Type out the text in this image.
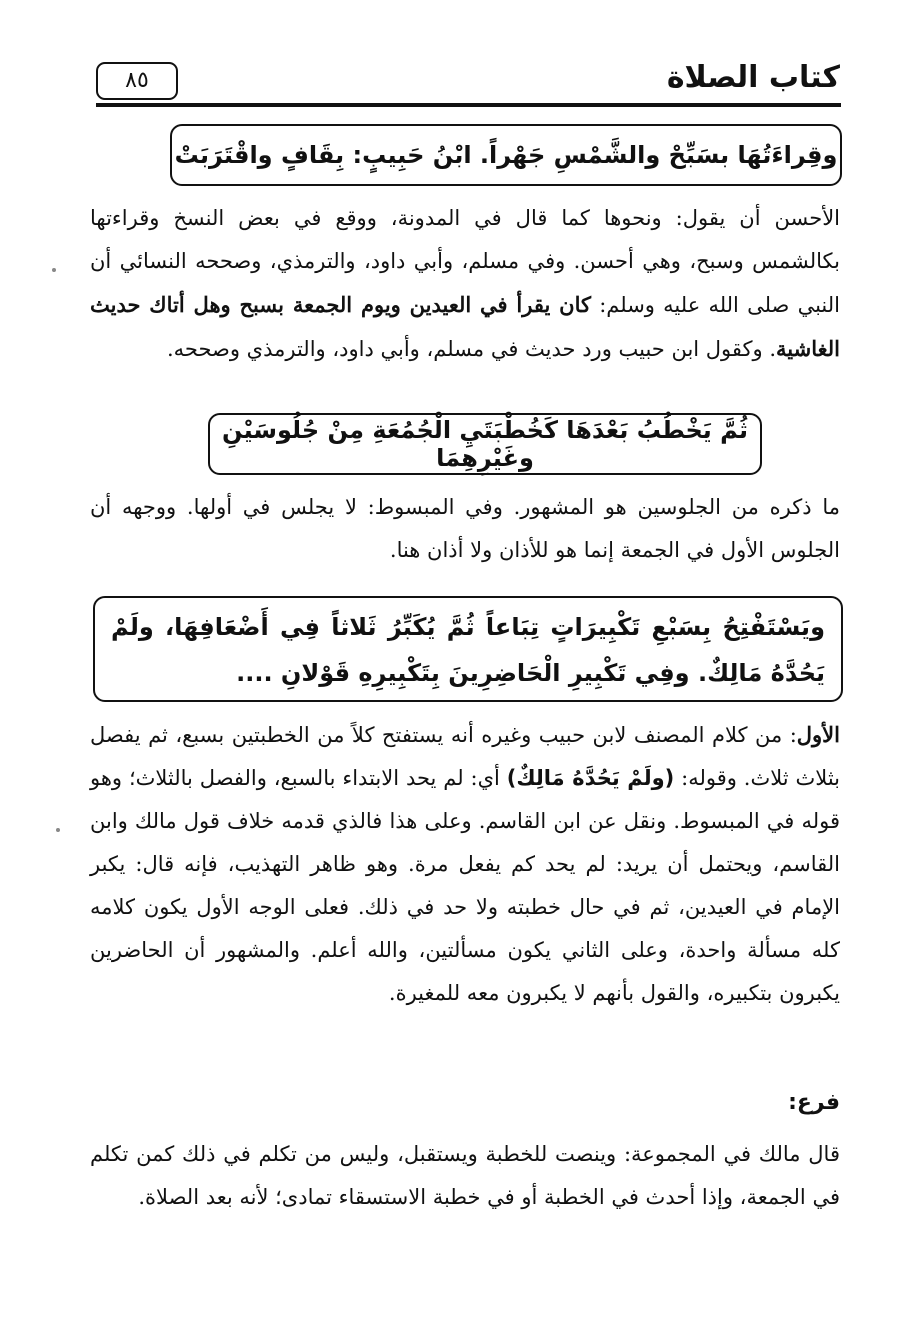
كتاب الصلاة
٨٥
وقِراءَتُهَا بسَبِّحْ والشَّمْسِ جَهْراً. ابْنُ حَبِيبٍ: بِقَافٍ واقْتَرَبَتْ
الأحسن أن يقول: ونحوها كما قال في المدونة، ووقع في بعض النسخ وقراءتها بكالشمس وسبح، وهي أحسن. وفي مسلم، وأبي داود، والترمذي، وصححه النسائي أن النبي صلى الله عليه وسلم: كان يقرأ في العيدين ويوم الجمعة بسبح وهل أتاك حديث الغاشية. وكقول ابن حبيب ورد حديث في مسلم، وأبي داود، والترمذي وصححه.
ثُمَّ يَخْطُبُ بَعْدَهَا كَخُطْبَتَيِ الْجُمُعَةِ مِنْ جُلُوسَيْنِ وغَيْرِهِمَا
ما ذكره من الجلوسين هو المشهور. وفي المبسوط: لا يجلس في أولها. ووجهه أن الجلوس الأول في الجمعة إنما هو للأذان ولا أذان هنا.
ويَسْتَفْتِحُ بِسَبْعِ تَكْبِيرَاتٍ تِبَاعاً ثُمَّ يُكَبِّرُ ثَلاثاً فِي أَضْعَافِهَا، ولَمْ يَحُدَّهُ مَالِكٌ. وفِي تَكْبِيرِ الْحَاضِرِينَ بِتَكْبِيرِهِ قَوْلانِ ....
الأول: من كلام المصنف لابن حبيب وغيره أنه يستفتح كلاً من الخطبتين بسبع، ثم يفصل بثلاث ثلاث. وقوله: (ولَمْ يَحُدَّهُ مَالِكٌ) أي: لم يحد الابتداء بالسبع، والفصل بالثلاث؛ وهو قوله في المبسوط. ونقل عن ابن القاسم. وعلى هذا فالذي قدمه خلاف قول مالك وابن القاسم، ويحتمل أن يريد: لم يحد كم يفعل مرة. وهو ظاهر التهذيب، فإنه قال: يكبر الإمام في العيدين، ثم في حال خطبته ولا حد في ذلك. فعلى الوجه الأول يكون كلامه كله مسألة واحدة، وعلى الثاني يكون مسألتين، والله أعلم. والمشهور أن الحاضرين يكبرون بتكبيره، والقول بأنهم لا يكبرون معه للمغيرة.
فرع:
قال مالك في المجموعة: وينصت للخطبة ويستقبل، وليس من تكلم في ذلك كمن تكلم في الجمعة، وإذا أحدث في الخطبة أو في خطبة الاستسقاء تمادى؛ لأنه بعد الصلاة.
